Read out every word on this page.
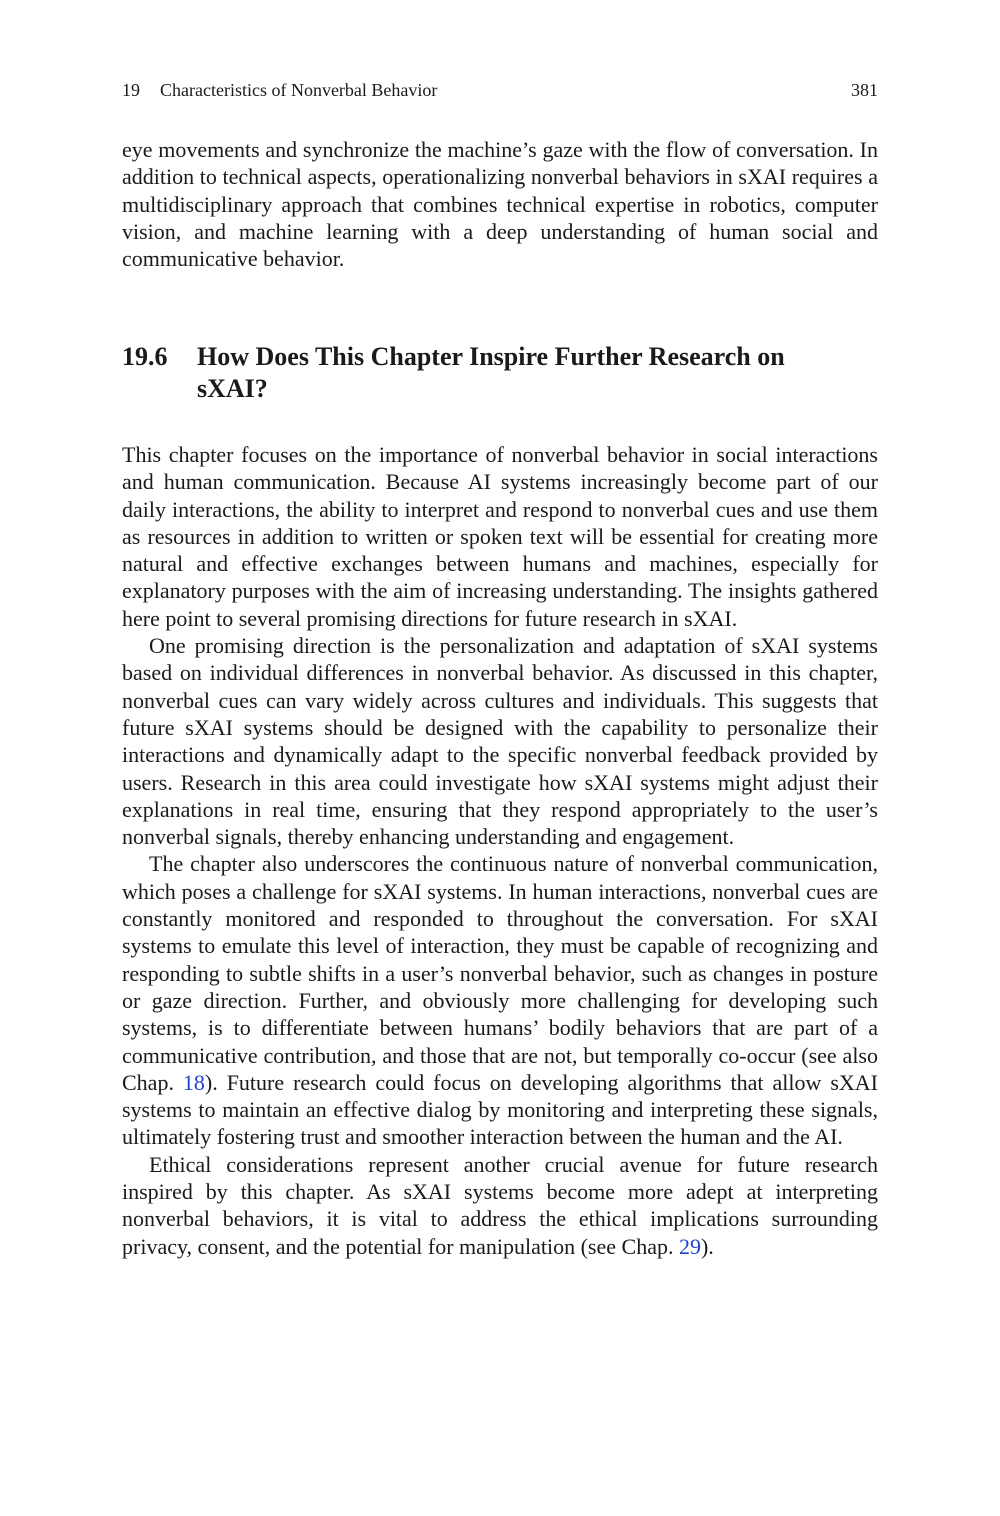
19 Characteristics of Nonverbal Behavior	381

eye movements and synchronize the machine’s gaze with the flow of conversation. In addition to technical aspects, operationalizing nonverbal behaviors in sXAI requires a multidisciplinary approach that combines technical expertise in robotics, computer vision, and machine learning with a deep understanding of human social and communicative behavior.

19.6	How Does This Chapter Inspire Further Research on sXAI?

This chapter focuses on the importance of nonverbal behavior in social interactions and human communication. Because AI systems increasingly become part of our daily interactions, the ability to interpret and respond to nonverbal cues and use them as resources in addition to written or spoken text will be essential for creating more natural and effective exchanges between humans and machines, especially for explanatory purposes with the aim of increasing understanding. The insights gathered here point to several promising directions for future research in sXAI.

One promising direction is the personalization and adaptation of sXAI systems based on individual differences in nonverbal behavior. As discussed in this chapter, nonverbal cues can vary widely across cultures and individuals. This suggests that future sXAI systems should be designed with the capability to personalize their interactions and dynamically adapt to the specific nonverbal feedback provided by users. Research in this area could investigate how sXAI systems might adjust their explanations in real time, ensuring that they respond appropriately to the user’s nonverbal signals, thereby enhancing understanding and engagement.

The chapter also underscores the continuous nature of nonverbal communication, which poses a challenge for sXAI systems. In human interactions, nonverbal cues are constantly monitored and responded to throughout the conversation. For sXAI systems to emulate this level of interaction, they must be capable of recognizing and responding to subtle shifts in a user’s nonverbal behavior, such as changes in posture or gaze direction. Further, and obviously more challenging for developing such systems, is to differentiate between humans’ bodily behaviors that are part of a communicative contribution, and those that are not, but temporally co-occur (see also Chap. 18). Future research could focus on developing algorithms that allow sXAI systems to maintain an effective dialog by monitoring and interpreting these signals, ultimately fostering trust and smoother interaction between the human and the AI.

Ethical considerations represent another crucial avenue for future research inspired by this chapter. As sXAI systems become more adept at interpreting nonverbal behaviors, it is vital to address the ethical implications surrounding privacy, consent, and the potential for manipulation (see Chap. 29).
